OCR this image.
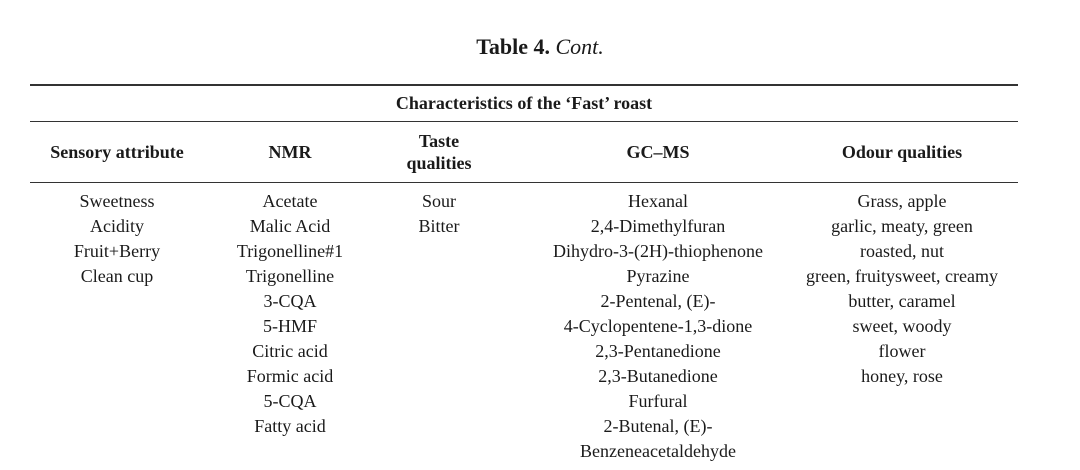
Table 4. Cont.
Characteristics of the ‘Fast’ roast
Sensory attribute	NMR
Taste qualities
GC–MS	Odour qualities
Sweetness
Acidity
Fruit+Berry
Clean cup
Acetate
Malic Acid
Trigonelline#1
Trigonelline
3-CQA
5-HMF
Citric acid
Formic acid
5-CQA
Fatty acid
Sour
Bitter
Hexanal
2,4-Dimethylfuran
Dihydro-3-(2H)-thiophenone
Pyrazine
2-Pentenal, (E)-
4-Cyclopentene-1,3-dione
2,3-Pentanedione
2,3-Butanedione
Furfural
2-Butenal, (E)-
Benzeneacetaldehyde
Grass, apple
garlic, meaty, green
roasted, nut
green, fruitysweet, creamy
butter, caramel
sweet, woody
flower
honey, rose
